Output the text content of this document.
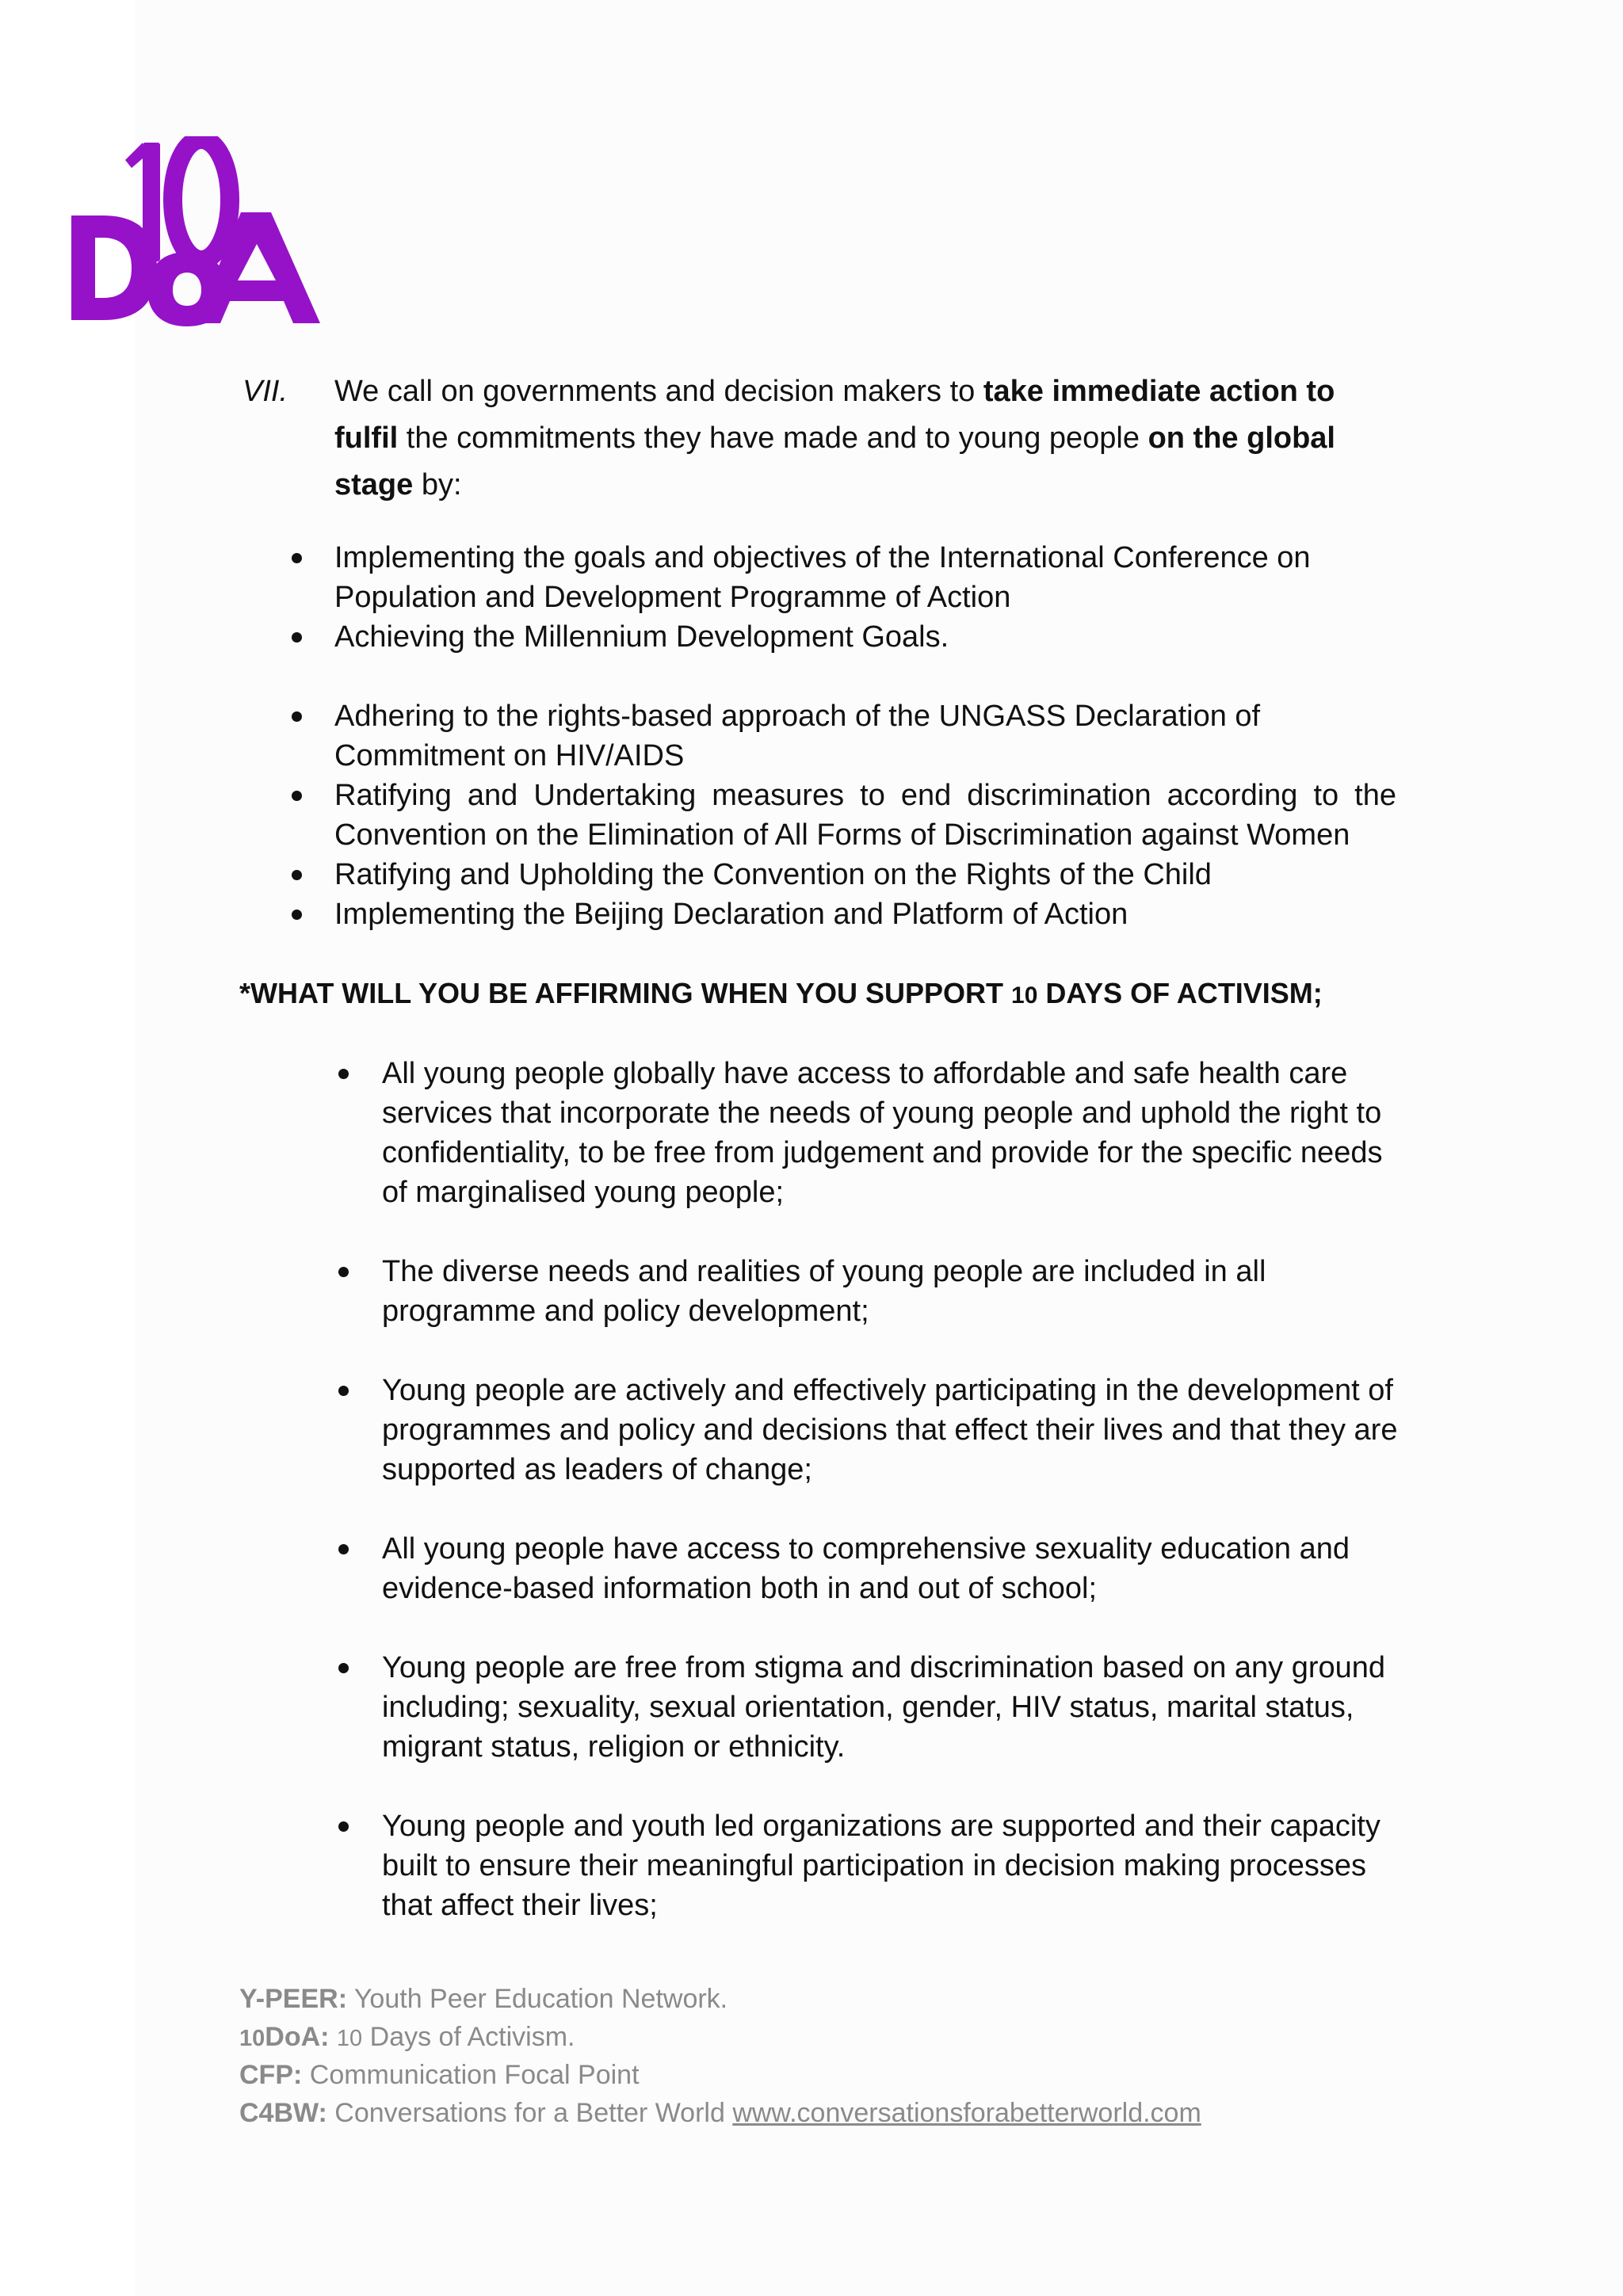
VII. We call on governments and decision makers to take immediate action to fulfil the commitments they have made and to young people on the global stage by:
Implementing the goals and objectives of the International Conference on Population and Development Programme of Action
Achieving the Millennium Development Goals.
Adhering to the rights-based approach of the UNGASS Declaration of Commitment on HIV/AIDS
Ratifying and Undertaking measures to end discrimination according to the Convention on the Elimination of All Forms of Discrimination against Women
Ratifying and Upholding the Convention on the Rights of the Child
Implementing the Beijing Declaration and Platform of Action
*WHAT WILL YOU BE AFFIRMING WHEN YOU SUPPORT 10 DAYS OF ACTIVISM;
All young people globally have access to affordable and safe health care services that incorporate the needs of young people and uphold the right to confidentiality, to be free from judgement and provide for the specific needs of marginalised young people;
The diverse needs and realities of young people are included in all programme and policy development;
Young people are actively and effectively participating in the development of programmes and policy and decisions that effect their lives and that they are supported as leaders of change;
All young people have access to comprehensive sexuality education and evidence-based information both in and out of school;
Young people are free from stigma and discrimination based on any ground including; sexuality, sexual orientation, gender, HIV status, marital status, migrant status, religion or ethnicity.
Young people and youth led organizations are supported and their capacity built to ensure their meaningful participation in decision making processes that affect their lives;
Y-PEER: Youth Peer Education Network.
10DoA: 10 Days of Activism.
CFP: Communication Focal Point
C4BW: Conversations for a Better World www.conversationsforabetterworld.com
